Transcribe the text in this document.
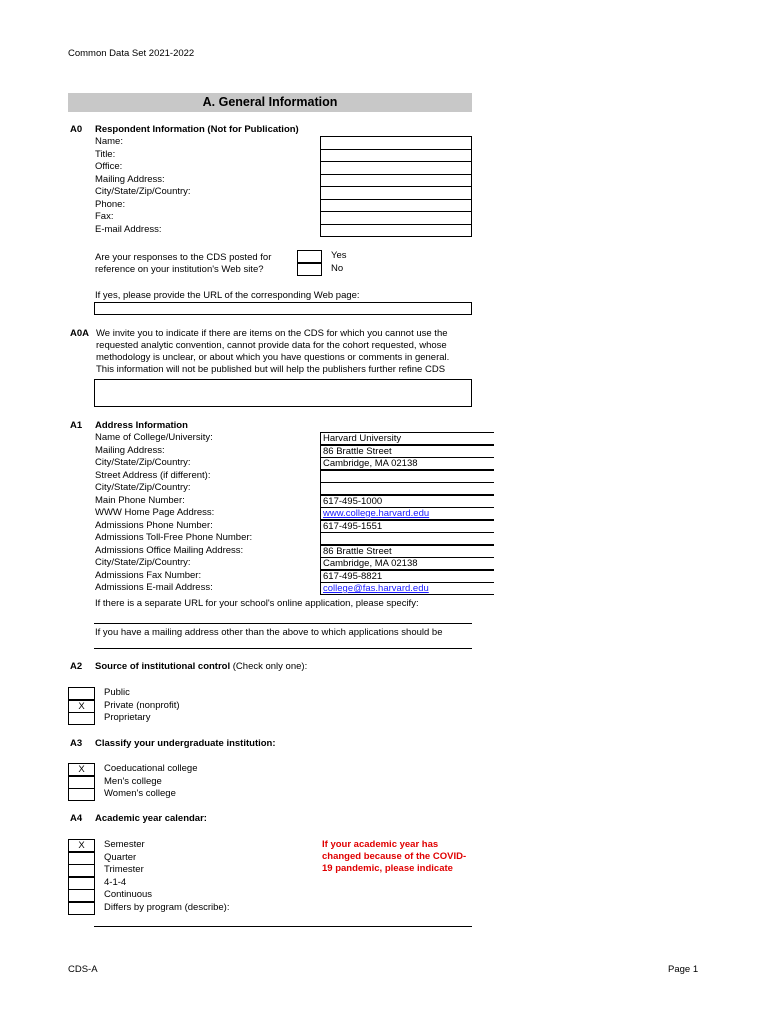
Common Data Set 2021-2022
A. General Information
A0 Respondent Information (Not for Publication)
Name:
Title:
Office:
Mailing Address:
City/State/Zip/Country:
Phone:
Fax:
E-mail Address:
Are your responses to the CDS posted for
reference on your institution's Web site?
Yes
No
If yes, please provide the URL of the corresponding Web page:
A0A We invite you to indicate if there are items on the CDS for which you cannot use the
requested analytic convention, cannot provide data for the cohort requested, whose
methodology is unclear, or about which you have questions or comments in general.
This information will not be published but will help the publishers further refine CDS
A1 Address Information
Name of College/University:	Harvard University
Mailing Address:	86 Brattle Street
City/State/Zip/Country:	Cambridge, MA 02138
Street Address (if different):
City/State/Zip/Country:
Main Phone Number:	617-495-1000
WWW Home Page Address:	www.college.harvard.edu
Admissions Phone Number:	617-495-1551
Admissions Toll-Free Phone Number:
Admissions Office Mailing Address:	86 Brattle Street
City/State/Zip/Country:	Cambridge, MA 02138
Admissions Fax Number:	617-495-8821
Admissions E-mail Address:	college@fas.harvard.edu
If there is a separate URL for your school's online application, please specify:
If you have a mailing address other than the above to which applications should be
A2 Source of institutional control (Check only one):
Public
X	Private (nonprofit)
Proprietary
A3 Classify your undergraduate institution:
X	Coeducational college
Men's college
Women's college
A4 Academic year calendar:
X	Semester
Quarter
Trimester
4-1-4
Continuous
Differs by program (describe):
If your academic year has
changed because of the COVID-
19 pandemic, please indicate
CDS-A	Page 1
